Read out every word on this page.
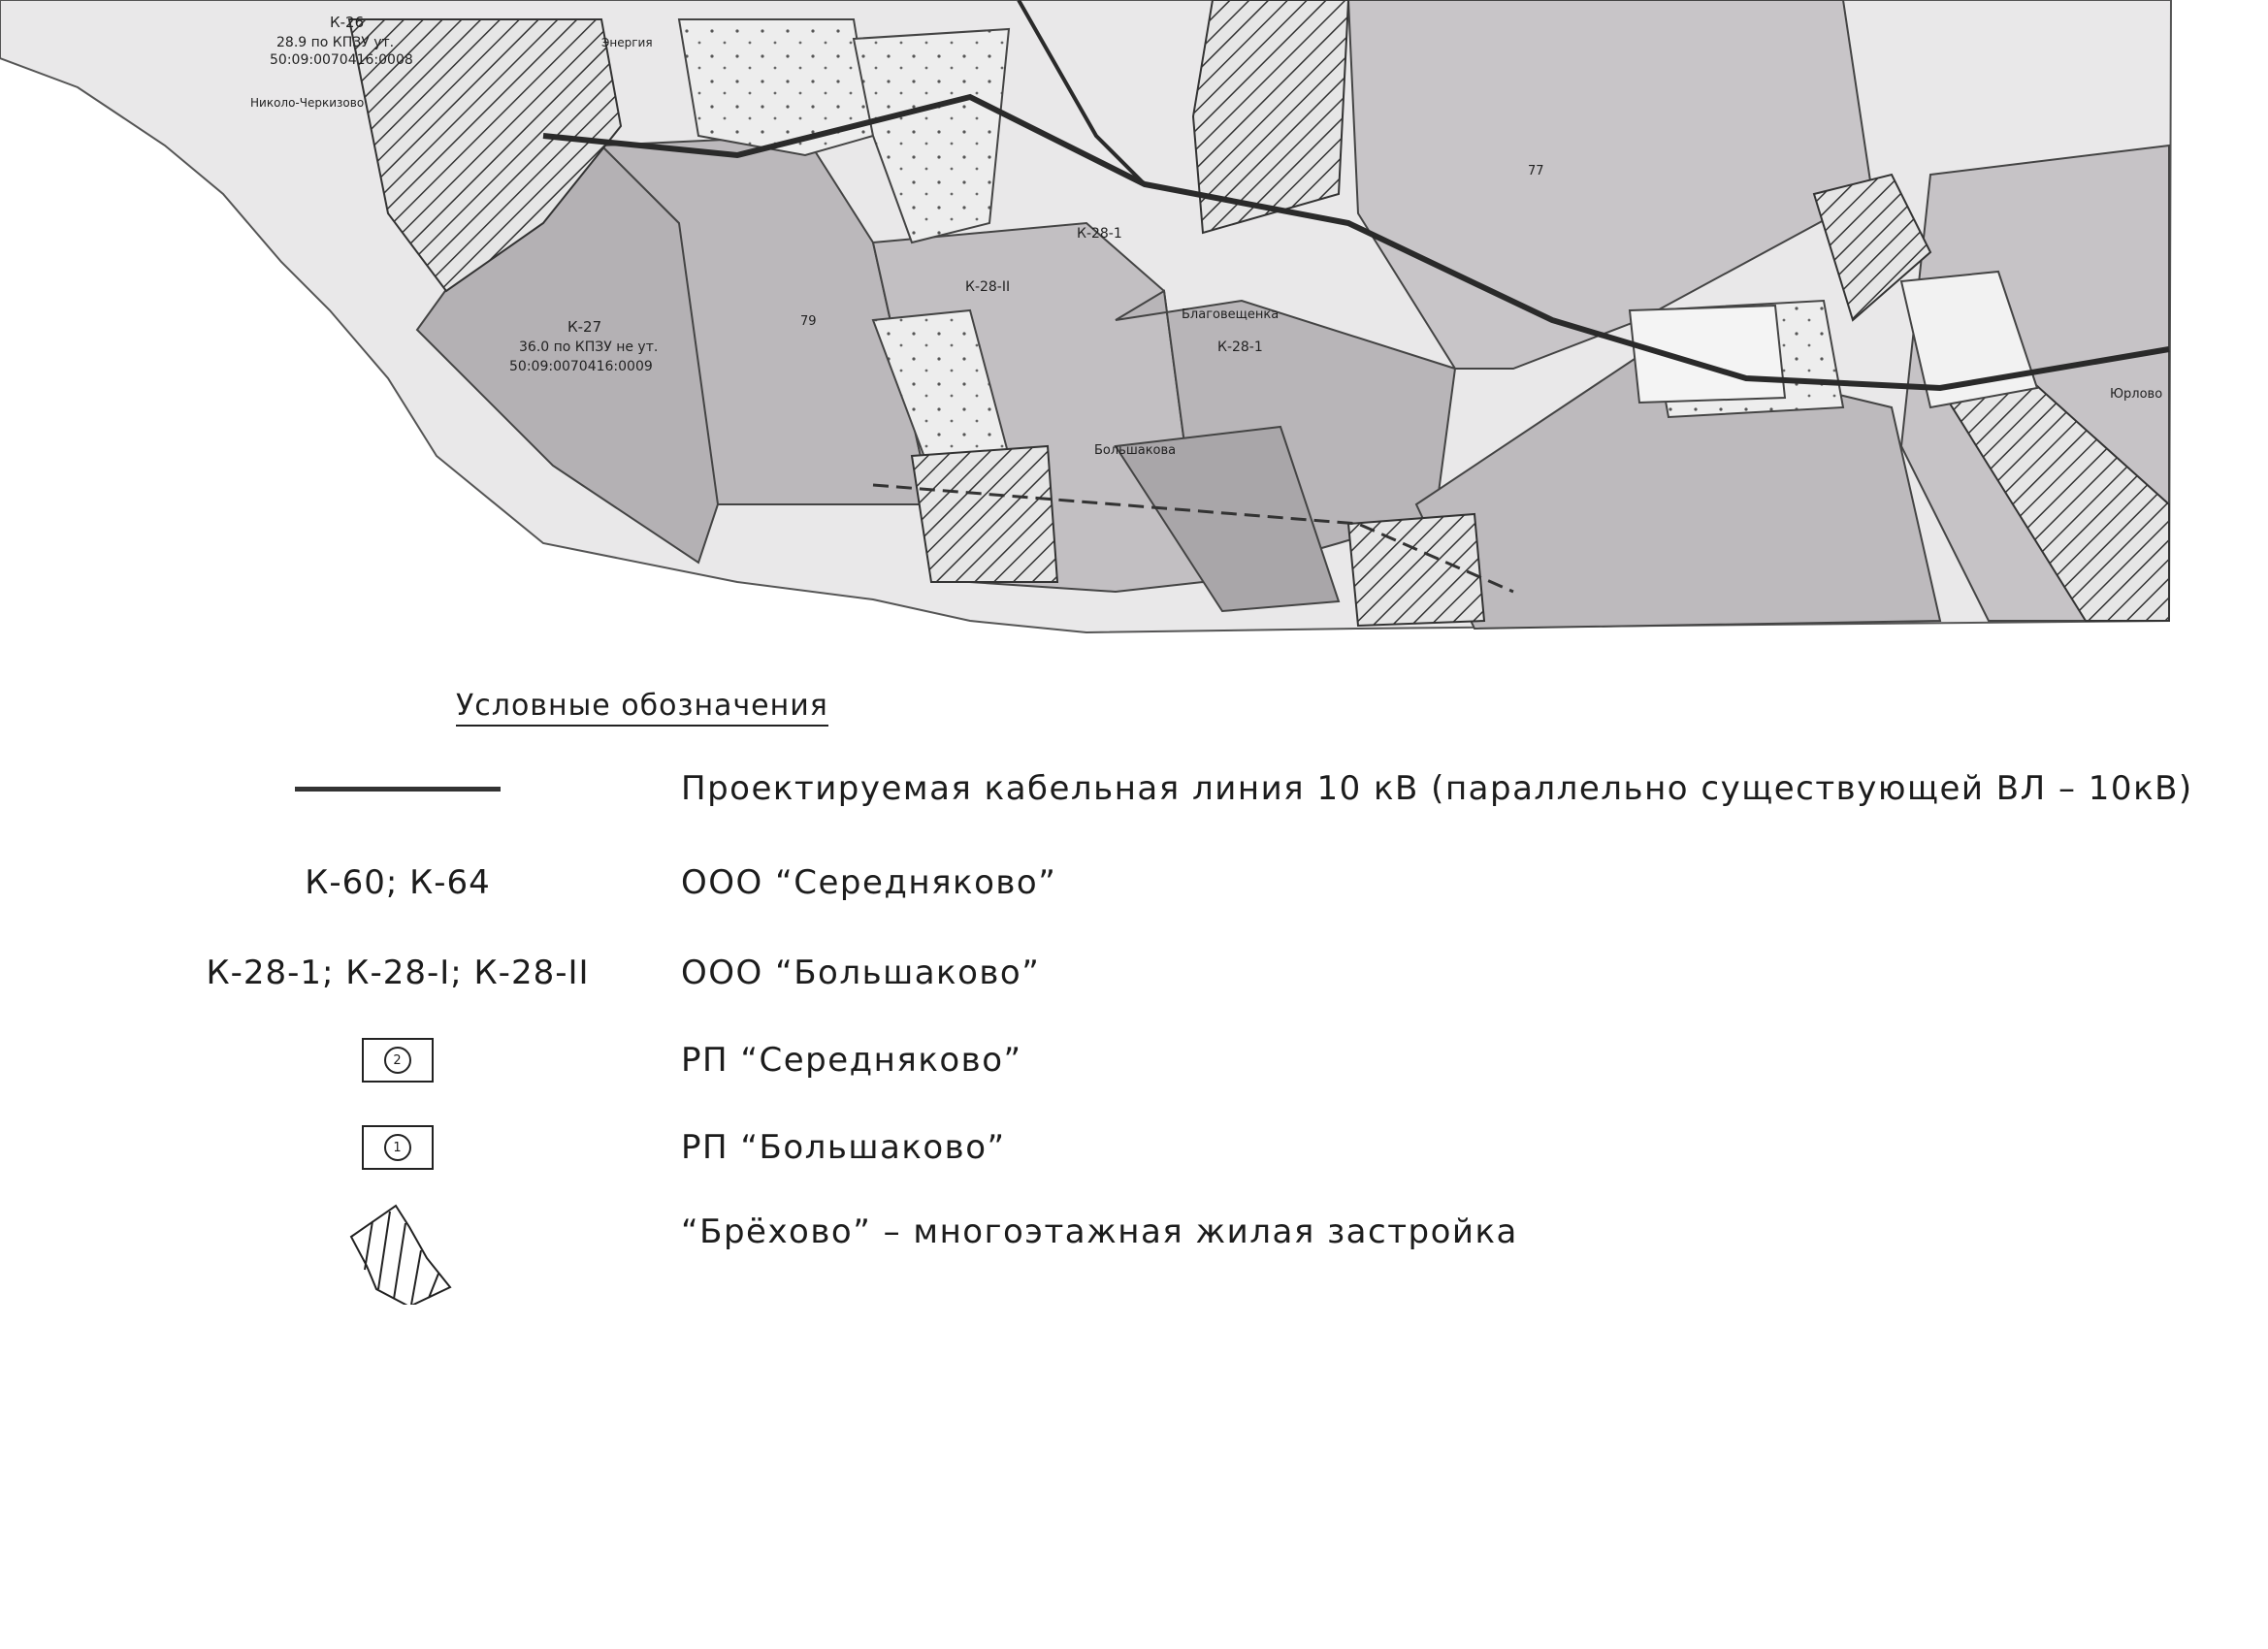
К-26
28.9 по КПЗУ ут.
50:09:0070416:0008
Николо-Черкизово
Энергия
К-27
36.0 по КПЗУ не ут.
50:09:0070416:0009
К-28-1
К-28-II
К-28-1
Благовещенка
Большакова
Юрлово
77
79
Условные обозначения
Проектируемая кабельная линия 10 кВ (параллельно существующей ВЛ – 10кВ)
К-60; К-64	ООО “Середняково”
К-28-1; К-28-I; К-28-II	ООО “Большаково”
2	РП “Середняково”
1	РП “Большаково”
“Брёхово” – многоэтажная жилая застройка
